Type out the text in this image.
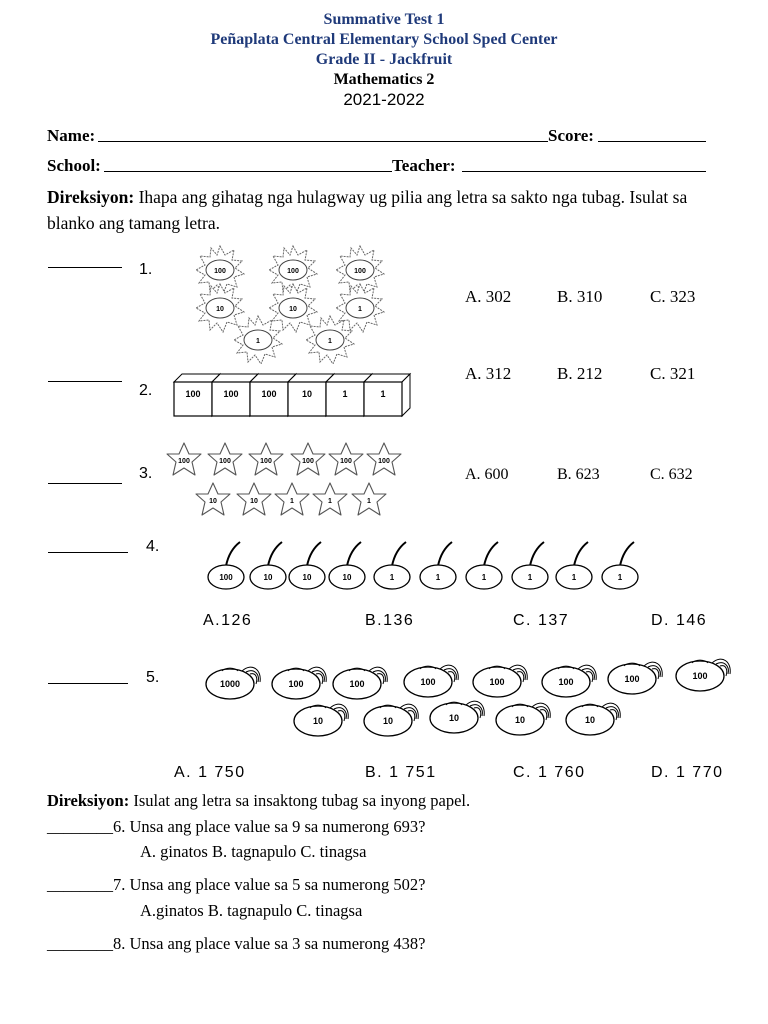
Summative Test 1
Peñaplata Central Elementary School Sped Center
Grade II - Jackfruit
Mathematics 2
2021-2022
Name:	Score:
School:	Teacher:
Direksiyon: Ihapa ang gihatag nga hulagway ug pilia ang letra sa sakto nga tubag. Isulat sa blanko ang tamang letra.
1.
2.
3.
4.
5.
100	100	100
10	10	1
1	1
A. 302	B. 310	C. 323
100	100	100	10	1	1
A. 312	B. 212	C. 321
100	100	100	100	100	100
10	10	1	1	1
A. 600	B. 623	C. 632
100	10	10	10	1	1	1	1	1	1
A.126	B.136	C. 137	D. 146
1000	100	100	100	100	100	100	100
10	10	10	10	10
A. 1 750	B. 1 751	C. 1 760	D. 1 770
Direksiyon: Isulat ang letra sa insaktong tubag sa inyong papel.
________6. Unsa ang place value sa 9 sa numerong 693?
A. ginatos B. tagnapulo C. tinagsa
________7. Unsa ang place value sa 5 sa numerong 502?
A.ginatos B. tagnapulo C. tinagsa
________8. Unsa ang place value sa 3 sa numerong 438?
